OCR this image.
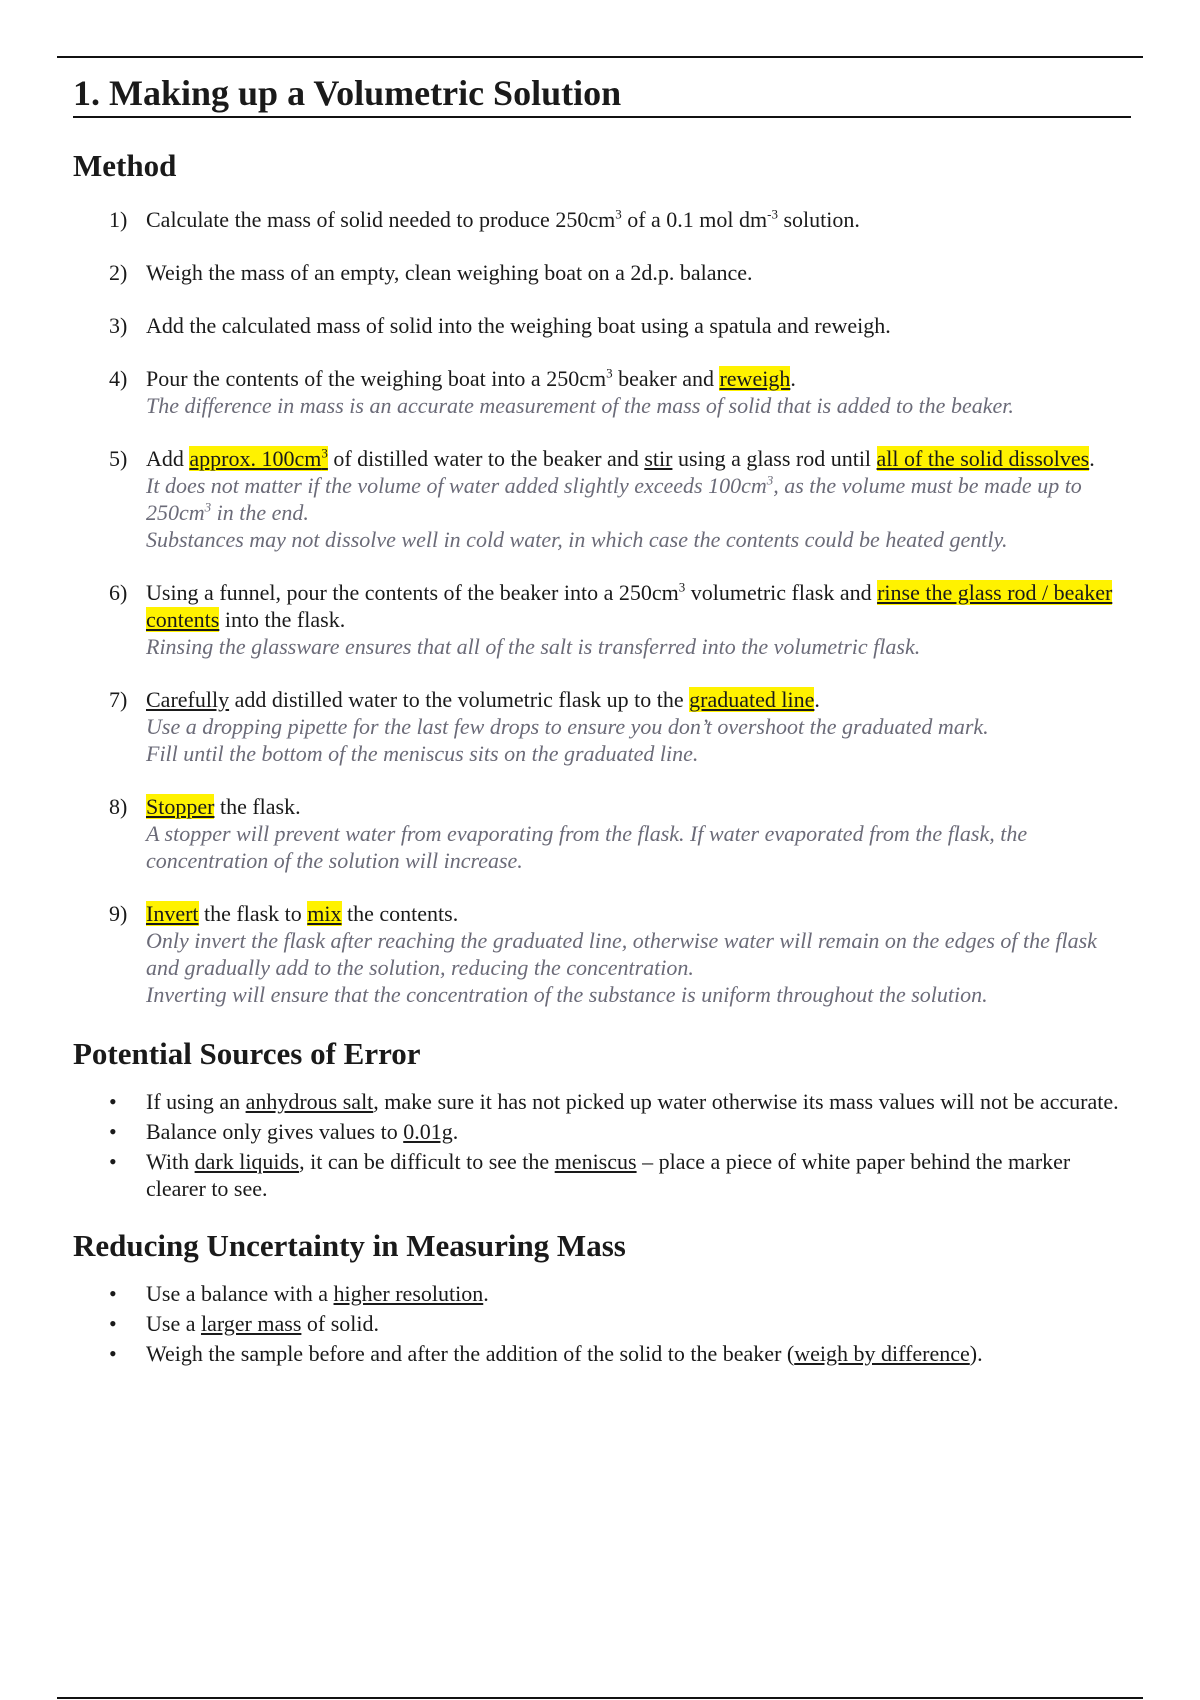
1. Making up a Volumetric Solution
Method
1) Calculate the mass of solid needed to produce $250cm^3$ of a 0.1 mol $dm^{-3}$ solution.
2) Weigh the mass of an empty, clean weighing boat on a 2d.p. balance.
3) Add the calculated mass of solid into the weighing boat using a spatula and reweigh.
4) Pour the contents of the weighing boat into a $250cm^3$ beaker and reweigh.
The difference in mass is an accurate measurement of the mass of solid that is added to the beaker.
5) Add approx. $100cm^3$ of distilled water to the beaker and stir using a glass rod until all of the solid dissolves.
It does not matter if the volume of water added slightly exceeds $100cm^3$, as the volume must be made up to $250cm^3$ in the end.
Substances may not dissolve well in cold water, in which case the contents could be heated gently.
6) Using a funnel, pour the contents of the beaker into a $250cm^3$ volumetric flask and rinse the glass rod / beaker contents into the flask.
Rinsing the glassware ensures that all of the salt is transferred into the volumetric flask.
7) Carefully add distilled water to the volumetric flask up to the graduated line.
Use a dropping pipette for the last few drops to ensure you don’t overshoot the graduated mark.
Fill until the bottom of the meniscus sits on the graduated line.
8) Stopper the flask.
A stopper will prevent water from evaporating from the flask. If water evaporated from the flask, the concentration of the solution will increase.
9) Invert the flask to mix the contents.
Only invert the flask after reaching the graduated line, otherwise water will remain on the edges of the flask and gradually add to the solution, reducing the concentration.
Inverting will ensure that the concentration of the substance is uniform throughout the solution.
Potential Sources of Error
• If using an anhydrous salt, make sure it has not picked up water otherwise its mass values will not be accurate.
• Balance only gives values to 0.01g.
• With dark liquids, it can be difficult to see the meniscus – place a piece of white paper behind the marker clearer to see.
Reducing Uncertainty in Measuring Mass
• Use a balance with a higher resolution.
• Use a larger mass of solid.
• Weigh the sample before and after the addition of the solid to the beaker (weigh by difference).
